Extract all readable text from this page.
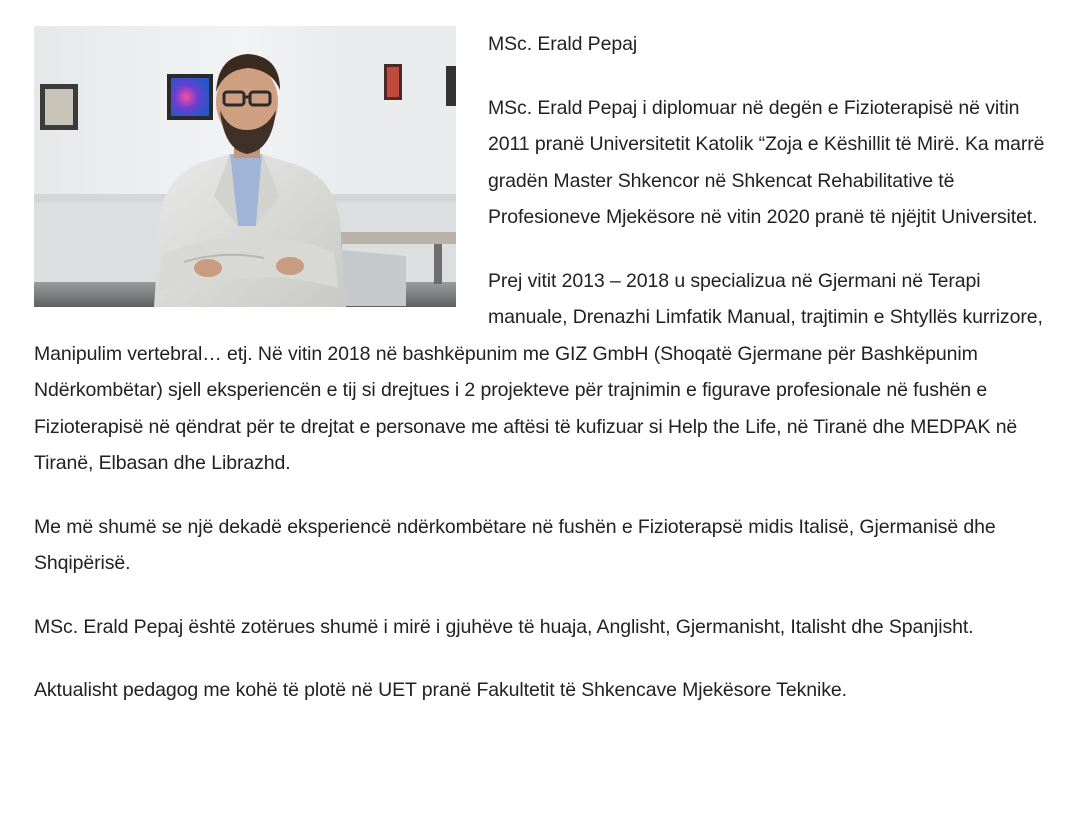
MSc. Erald Pepaj

MSc. Erald Pepaj i diplomuar në degën e Fizioterapisë në vitin 2011 pranë Universitetit Katolik “Zoja e Këshillit të Mirë. Ka marrë gradën Master Shkencor në Shkencat Rehabilitative të Profesioneve Mjekësore në vitin 2020 pranë të njëjtit Universitet.

Prej vitit 2013 – 2018 u specializua në Gjermani në Terapi manuale, Drenazhi Limfatik Manual, trajtimin e Shtyllës kurrizore, Manipulim vertebral… etj. Në vitin 2018 në bashkëpunim me GIZ GmbH (Shoqatë Gjermane për Bashkëpunim Ndërkombëtar) sjell eksperiencën e tij si drejtues i 2 projekteve për trajnimin e figurave profesionale në fushën e Fizioterapisë në qëndrat për te drejtat e personave me aftësi të kufizuar si Help the Life, në Tiranë dhe MEDPAK në Tiranë, Elbasan dhe Librazhd.

Me më shumë se një dekadë eksperiencë ndërkombëtare në fushën e Fizioterapsë midis Italisë, Gjermanisë dhe Shqipërisë.

MSc. Erald Pepaj është zotërues shumë i mirë i gjuhëve të huaja, Anglisht, Gjermanisht, Italisht dhe Spanjisht.

Aktualisht pedagog me kohë të plotë në UET pranë Fakultetit të Shkencave Mjekësore Teknike.
